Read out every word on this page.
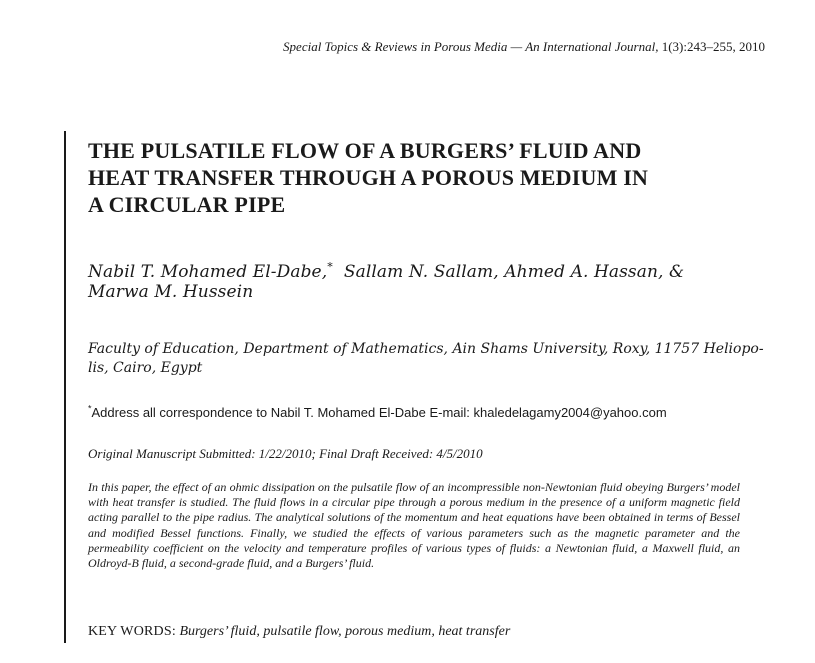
Special Topics & Reviews in Porous Media — An International Journal, 1(3):243–255, 2010
THE PULSATILE FLOW OF A BURGERS’ FLUID AND
HEAT TRANSFER THROUGH A POROUS MEDIUM IN
A CIRCULAR PIPE

Nabil T. Mohamed El-Dabe,* Sallam N. Sallam, Ahmed A. Hassan, &
Marwa M. Hussein

Faculty of Education, Department of Mathematics, Ain Shams University, Roxy, 11757 Heliopo-
lis, Cairo, Egypt

*Address all correspondence to Nabil T. Mohamed El-Dabe E-mail: khaledelagamy2004@yahoo.com

Original Manuscript Submitted: 1/22/2010; Final Draft Received: 4/5/2010

In this paper, the effect of an ohmic dissipation on the pulsatile flow of an incompressible non-Newtonian fluid obeying Burgers’ model with heat transfer is studied. The fluid flows in a circular pipe through a porous medium in the presence of a uniform magnetic field acting parallel to the pipe radius. The analytical solutions of the momentum and heat equations have been obtained in terms of Bessel and modified Bessel functions. Finally, we studied the effects of various parameters such as the magnetic parameter and the permeability coefficient on the velocity and temperature profiles of various types of fluids: a Newtonian fluid, a Maxwell fluid, an Oldroyd-B fluid, a second-grade fluid, and a Burgers’ fluid.

KEY WORDS: Burgers’ fluid, pulsatile flow, porous medium, heat transfer
